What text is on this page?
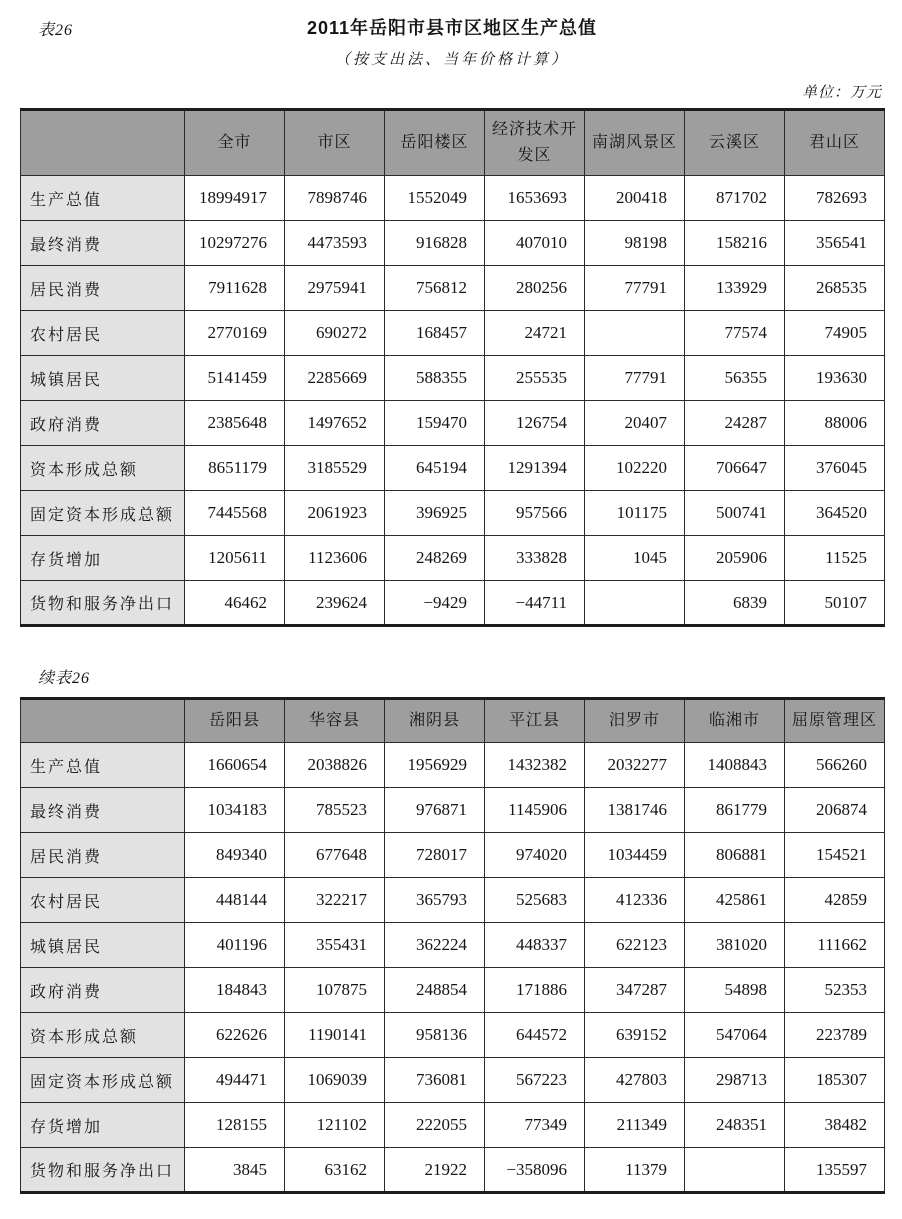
表26	2011年岳阳市县市区地区生产总值
（按支出法、当年价格计算）
单位：万元
	全市	市区	岳阳楼区	经济技术开发区	南湖风景区	云溪区	君山区
生产总值	18994917	7898746	1552049	1653693	200418	871702	782693
最终消费	10297276	4473593	916828	407010	98198	158216	356541
居民消费	7911628	2975941	756812	280256	77791	133929	268535
农村居民	2770169	690272	168457	24721		77574	74905
城镇居民	5141459	2285669	588355	255535	77791	56355	193630
政府消费	2385648	1497652	159470	126754	20407	24287	88006
资本形成总额	8651179	3185529	645194	1291394	102220	706647	376045
固定资本形成总额	7445568	2061923	396925	957566	101175	500741	364520
存货增加	1205611	1123606	248269	333828	1045	205906	11525
货物和服务净出口	46462	239624	−9429	−44711		6839	50107
续表26
	岳阳县	华容县	湘阴县	平江县	汨罗市	临湘市	屈原管理区
生产总值	1660654	2038826	1956929	1432382	2032277	1408843	566260
最终消费	1034183	785523	976871	1145906	1381746	861779	206874
居民消费	849340	677648	728017	974020	1034459	806881	154521
农村居民	448144	322217	365793	525683	412336	425861	42859
城镇居民	401196	355431	362224	448337	622123	381020	111662
政府消费	184843	107875	248854	171886	347287	54898	52353
资本形成总额	622626	1190141	958136	644572	639152	547064	223789
固定资本形成总额	494471	1069039	736081	567223	427803	298713	185307
存货增加	128155	121102	222055	77349	211349	248351	38482
货物和服务净出口	3845	63162	21922	−358096	11379		135597
